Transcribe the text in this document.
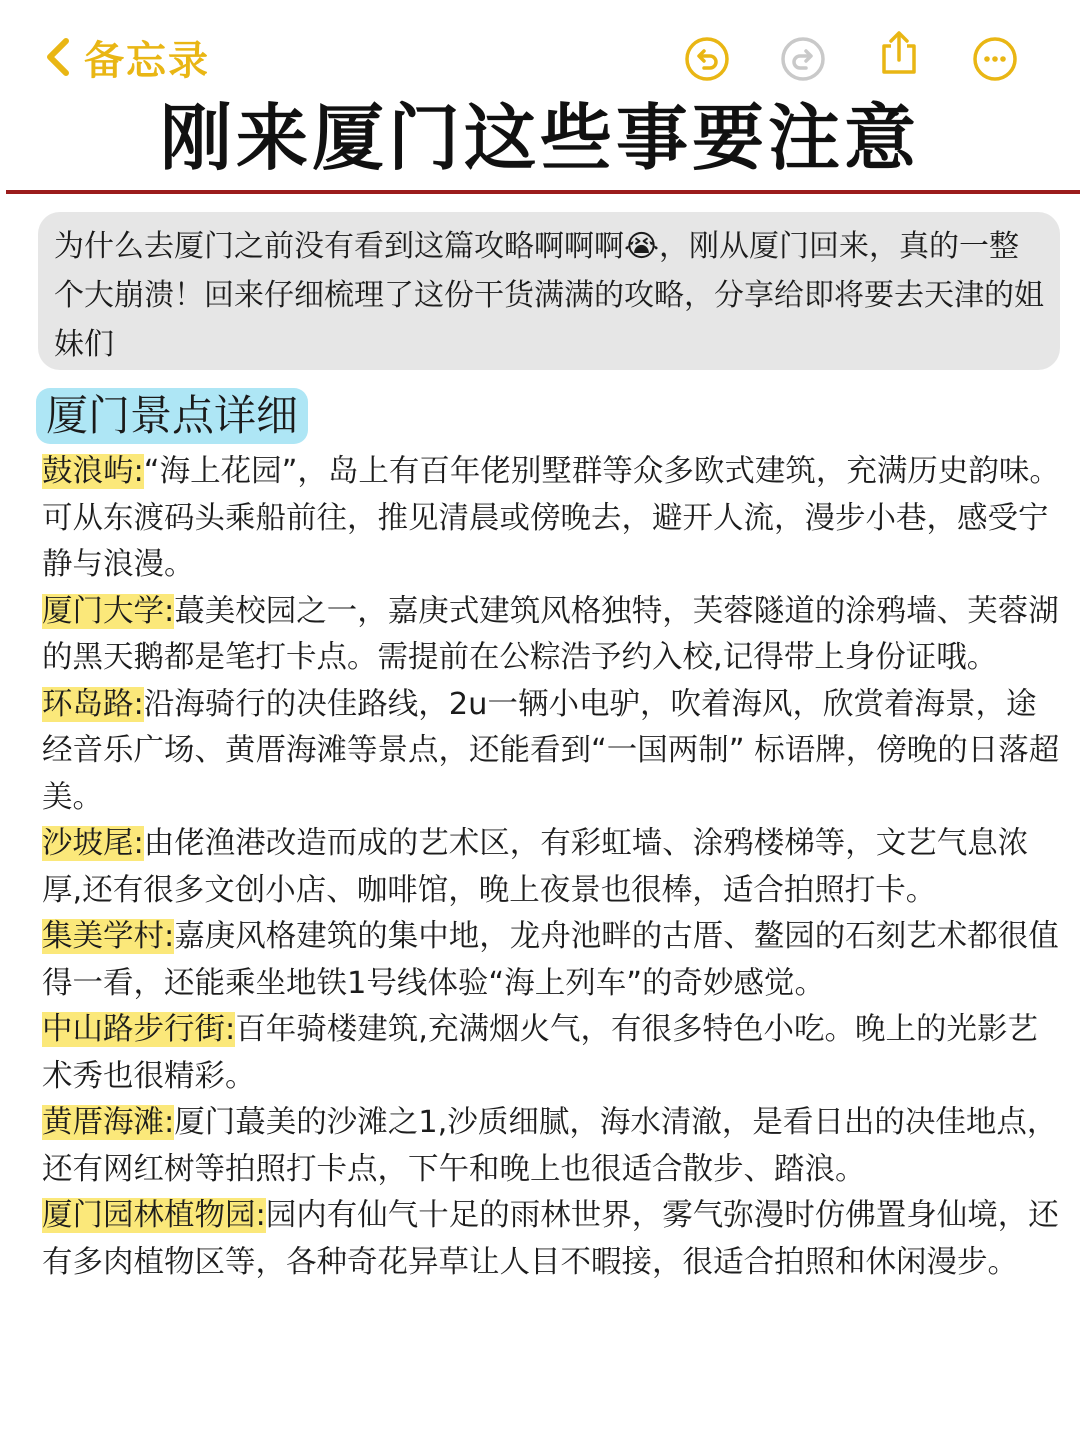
备忘录
刚来厦门这些事要注意
为什么去厦门之前没有看到这篇攻略啊啊啊😭，刚从厦门回来，真的一整个大崩溃！回来仔细梳理了这份干货满满的攻略，分享给即将要去天津的姐妹们
厦门景点详细

鼓浪屿:“海上花园”，岛上有百年佬别墅群等众多欧式建筑，充满历史韵味。可从东渡码头乘船前往，推见清晨或傍晚去，避开人流，漫步小巷，感受宁静与浪漫。

厦门大学:蕞美校园之一，嘉庚式建筑风格独特，芙蓉隧道的涂鸦墙、芙蓉湖的黑天鹅都是笔打卡点。需提前在公粽浩予约入校,记得带上身份证哦。

环岛路:沿海骑行的决佳路线，2u一辆小电驴，吹着海风，欣赏着海景，途经音乐广场、黄厝海滩等景点，还能看到“一国两制” 标语牌，傍晚的日落超美。

沙坡尾:由佬渔港改造而成的艺术区，有彩虹墙、涂鸦楼梯等，文艺气息浓厚,还有很多文创小店、咖啡馆，晚上夜景也很棒，适合拍照打卡。

集美学村:嘉庚风格建筑的集中地，龙舟池畔的古厝、鳌园的石刻艺术都很值得一看，还能乘坐地铁1号线体验“海上列车”的奇妙感觉。

中山路步行街:百年骑楼建筑,充满烟火气，有很多特色小吃。晚上的光影艺术秀也很精彩。

黄厝海滩:厦门蕞美的沙滩之1,沙质细腻，海水清澈，是看日出的决佳地点，还有网红树等拍照打卡点，下午和晚上也很适合散步、踏浪。

厦门园林植物园:园内有仙气十足的雨林世界，雾气弥漫时仿佛置身仙境，还有多肉植物区等，各种奇花异草让人目不暇接，很适合拍照和休闲漫步。
